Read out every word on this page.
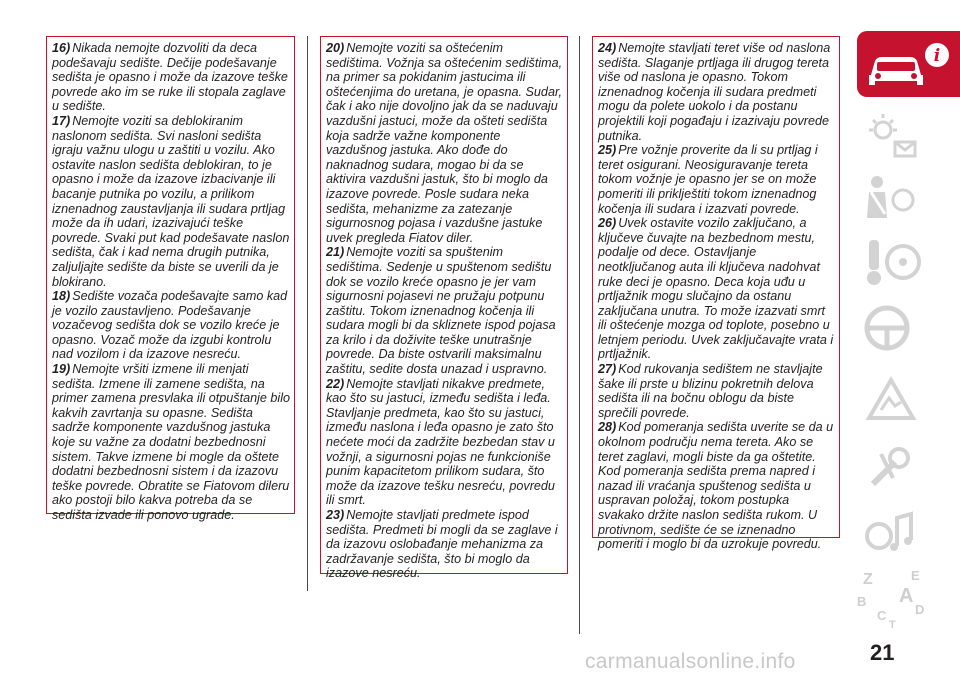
16) Nikada nemojte dozvoliti da deca podešavaju sedište. Dečije podešavanje sedišta je opasno i može da izazove teške povrede ako im se ruke ili stopala zaglave u sedište.

17) Nemojte voziti sa deblokiranim naslonom sedišta. Svi nasloni sedišta igraju važnu ulogu u zaštiti u vozilu. Ako ostavite naslon sedišta deblokiran, to je opasno i može da izazove izbacivanje ili bacanje putnika po vozilu, a prilikom iznenadnog zaustavljanja ili sudara prtljag može da ih udari, izazivajući teške povrede. Svaki put kad podešavate naslon sedišta, čak i kad nema drugih putnika, zaljuljajte sedište da biste se uverili da je blokirano.

18) Sedište vozača podešavajte samo kad je vozilo zaustavljeno. Podešavanje vozačevog sedišta dok se vozilo kreće je opasno. Vozač može da izgubi kontrolu nad vozilom i da izazove nesreću.

19) Nemojte vršiti izmene ili menjati sedišta. Izmene ili zamene sedišta, na primer zamena presvlaka ili otpuštanje bilo kakvih zavrtanja su opasne. Sedišta sadrže komponente vazdušnog jastuka koje su važne za dodatni bezbednosni sistem. Takve izmene bi mogle da oštete dodatni bezbednosni sistem i da izazovu teške povrede. Obratite se Fiatovom dileru ako postoji bilo kakva potreba da se sedišta izvade ili ponovo ugrade.

20) Nemojte voziti sa oštećenim sedištima. Vožnja sa oštećenim sedištima, na primer sa pokidanim jastucima ili oštećenjima do uretana, je opasna. Sudar, čak i ako nije dovoljno jak da se naduvaju vazdušni jastuci, može da ošteti sedišta koja sadrže važne komponente vazdušnog jastuka. Ako dođe do naknadnog sudara, mogao bi da se aktivira vazdušni jastuk, što bi moglo da izazove povrede. Posle sudara neka sedišta, mehanizme za zatezanje sigurnosnog pojasa i vazdušne jastuke uvek pregleda Fiatov diler.

21) Nemojte voziti sa spuštenim sedištima. Sedenje u spuštenom sedištu dok se vozilo kreće opasno je jer vam sigurnosni pojasevi ne pružaju potpunu zaštitu. Tokom iznenadnog kočenja ili sudara mogli bi da skliznete ispod pojasa za krilo i da doživite teške unutrašnje povrede. Da biste ostvarili maksimalnu zaštitu, sedite dosta unazad i uspravno.

22) Nemojte stavljati nikakve predmete, kao što su jastuci, između sedišta i leđa. Stavljanje predmeta, kao što su jastuci, između naslona i leđa opasno je zato što nećete moći da zadržite bezbedan stav u vožnji, a sigurnosni pojas ne funkcioniše punim kapacitetom prilikom sudara, što može da izazove tešku nesreću, povredu ili smrt.

23) Nemojte stavljati predmete ispod sedišta. Predmeti bi mogli da se zaglave i da izazovu oslobađanje mehanizma za zadržavanje sedišta, što bi moglo da izazove nesreću.

24) Nemojte stavljati teret više od naslona sedišta. Slaganje prtljaga ili drugog tereta više od naslona je opasno. Tokom iznenadnog kočenja ili sudara predmeti mogu da polete uokolo i da postanu projektili koji pogađaju i izazivaju povrede putnika.

25) Pre vožnje proverite da li su prtljag i teret osigurani. Neosiguravanje tereta tokom vožnje je opasno jer se on može pomeriti ili priklještiti tokom iznenadnog kočenja ili sudara i izazvati povrede.

26) Uvek ostavite vozilo zaključano, a ključeve čuvajte na bezbednom mestu, podalje od dece. Ostavljanje neotključanog auta ili ključeva nadohvat ruke deci je opasno. Deca koja uđu u prtljažnik mogu slučajno da ostanu zaključana unutra. To može izazvati smrt ili oštećenje mozga od toplote, posebno u letnjem periodu. Uvek zaključavajte vrata i prtljažnik.

27) Kod rukovanja sedištem ne stavljajte šake ili prste u blizinu pokretnih delova sedišta ili na bočnu oblogu da biste sprečili povrede.

28) Kod pomeranja sedišta uverite se da u okolnom području nema tereta. Ako se teret zaglavi, mogli biste da ga oštetite. Kod pomeranja sedišta prema napred i nazad ili vraćanja spuštenog sedišta u uspravan položaj, tokom postupka svakako držite naslon sedišta rukom. U protivnom, sedište će se iznenadno pomeriti i moglo bi da uzrokuje povredu.

i
Z	E
B A
C
T
D
carmanualsonline.info	21
